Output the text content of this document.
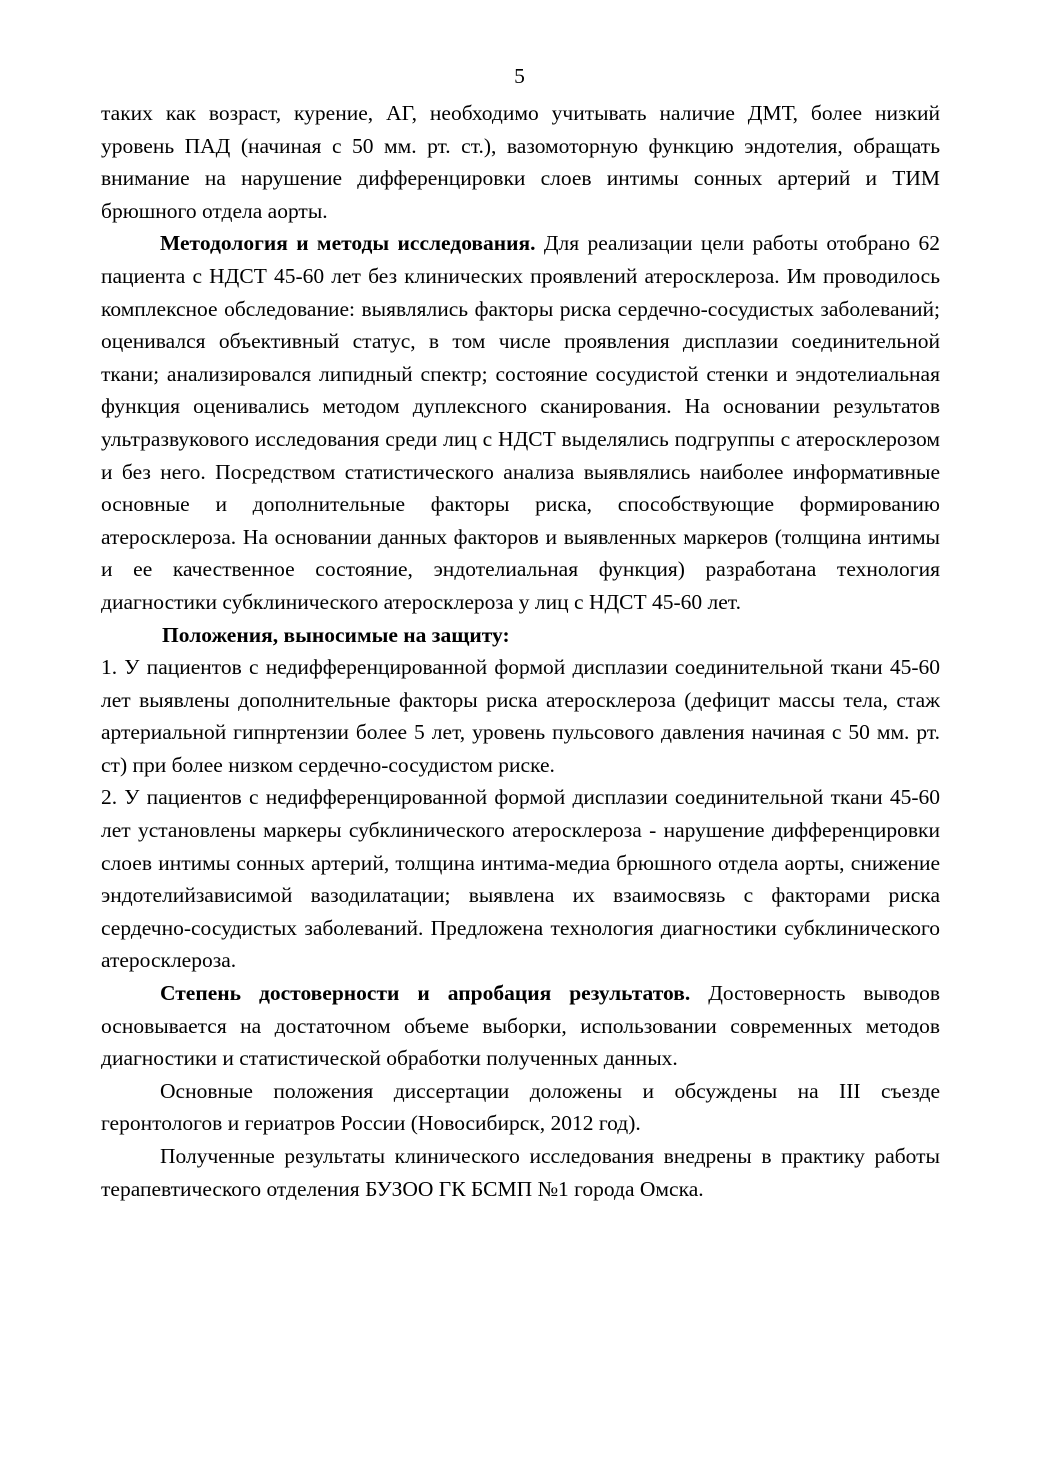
5

таких как возраст, курение, АГ, необходимо учитывать наличие ДМТ, более низкий уровень ПАД (начиная с 50 мм. рт. ст.), вазомоторную функцию эндотелия, обращать внимание на нарушение дифференцировки слоев интимы сонных артерий и ТИМ брюшного отдела аорты.

Методология и методы исследования. Для реализации цели работы отобрано 62 пациента с НДСТ 45-60 лет без клинических проявлений атеросклероза. Им проводилось комплексное обследование: выявлялись факторы риска сердечно-сосудистых заболеваний; оценивался объективный статус, в том числе проявления дисплазии соединительной ткани; анализировался липидный спектр; состояние сосудистой стенки и эндотелиальная функция оценивались методом дуплексного сканирования. На основании результатов ультразвукового исследования среди лиц с НДСТ выделялись подгруппы с атеросклерозом и без него. Посредством статистического анализа выявлялись наиболее информативные основные и дополнительные факторы риска, способствующие формированию атеросклероза. На основании данных факторов и выявленных маркеров (толщина интимы и ее качественное состояние, эндотелиальная функция) разработана технология диагностики субклинического атеросклероза у лиц с НДСТ 45-60 лет.

Положения, выносимые на защиту:

1. У пациентов с недифференцированной формой дисплазии соединительной ткани 45-60 лет выявлены дополнительные факторы риска атеросклероза (дефицит массы тела, стаж артериальной гипнртензии более 5 лет, уровень пульсового давления начиная с 50 мм. рт. ст) при более низком сердечно-сосудистом риске.

2. У пациентов с недифференцированной формой дисплазии соединительной ткани 45-60 лет установлены маркеры субклинического атеросклероза - нарушение дифференцировки слоев интимы сонных артерий, толщина интима-медиа брюшного отдела аорты, снижение эндотелийзависимой вазодилатации; выявлена их взаимосвязь с факторами риска сердечно-сосудистых заболеваний. Предложена технология диагностики субклинического атеросклероза.

Степень достоверности и апробация результатов. Достоверность выводов основывается на достаточном объеме выборки, использовании современных методов диагностики и статистической обработки полученных данных.

Основные положения диссертации доложены и обсуждены на III съезде геронтологов и гериатров России (Новосибирск, 2012 год).

Полученные результаты клинического исследования внедрены в практику работы терапевтического отделения БУЗОО ГК БСМП №1 города Омска.
